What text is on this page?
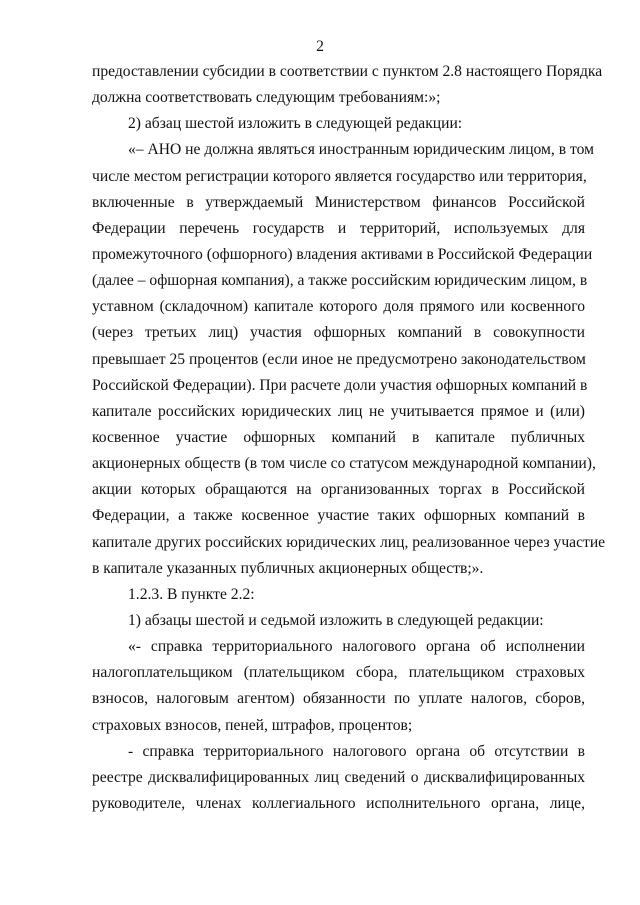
2
предоставлении субсидии в соответствии с пунктом 2.8 настоящего Порядка
должна соответствовать следующим требованиям:»;
2) абзац шестой изложить в следующей редакции:
«– АНО не должна являться иностранным юридическим лицом, в том
числе местом регистрации которого является государство или территория,
включенные в утверждаемый Министерством финансов Российской
Федерации перечень государств и территорий, используемых для
промежуточного (офшорного) владения активами в Российской Федерации
(далее – офшорная компания), а также российским юридическим лицом, в
уставном (складочном) капитале которого доля прямого или косвенного
(через третьих лиц) участия офшорных компаний в совокупности
превышает 25 процентов (если иное не предусмотрено законодательством
Российской Федерации). При расчете доли участия офшорных компаний в
капитале российских юридических лиц не учитывается прямое и (или)
косвенное участие офшорных компаний в капитале публичных
акционерных обществ (в том числе со статусом международной компании),
акции которых обращаются на организованных торгах в Российской
Федерации, а также косвенное участие таких офшорных компаний в
капитале других российских юридических лиц, реализованное через участие
в капитале указанных публичных акционерных обществ;».
1.2.3. В пункте 2.2:
1) абзацы шестой и седьмой изложить в следующей редакции:
«- справка территориального налогового органа об исполнении
налогоплательщиком (плательщиком сбора, плательщиком страховых
взносов, налоговым агентом) обязанности по уплате налогов, сборов,
страховых взносов, пеней, штрафов, процентов;
- справка территориального налогового органа об отсутствии в
реестре дисквалифицированных лиц сведений о дисквалифицированных
руководителе, членах коллегиального исполнительного органа, лице,
